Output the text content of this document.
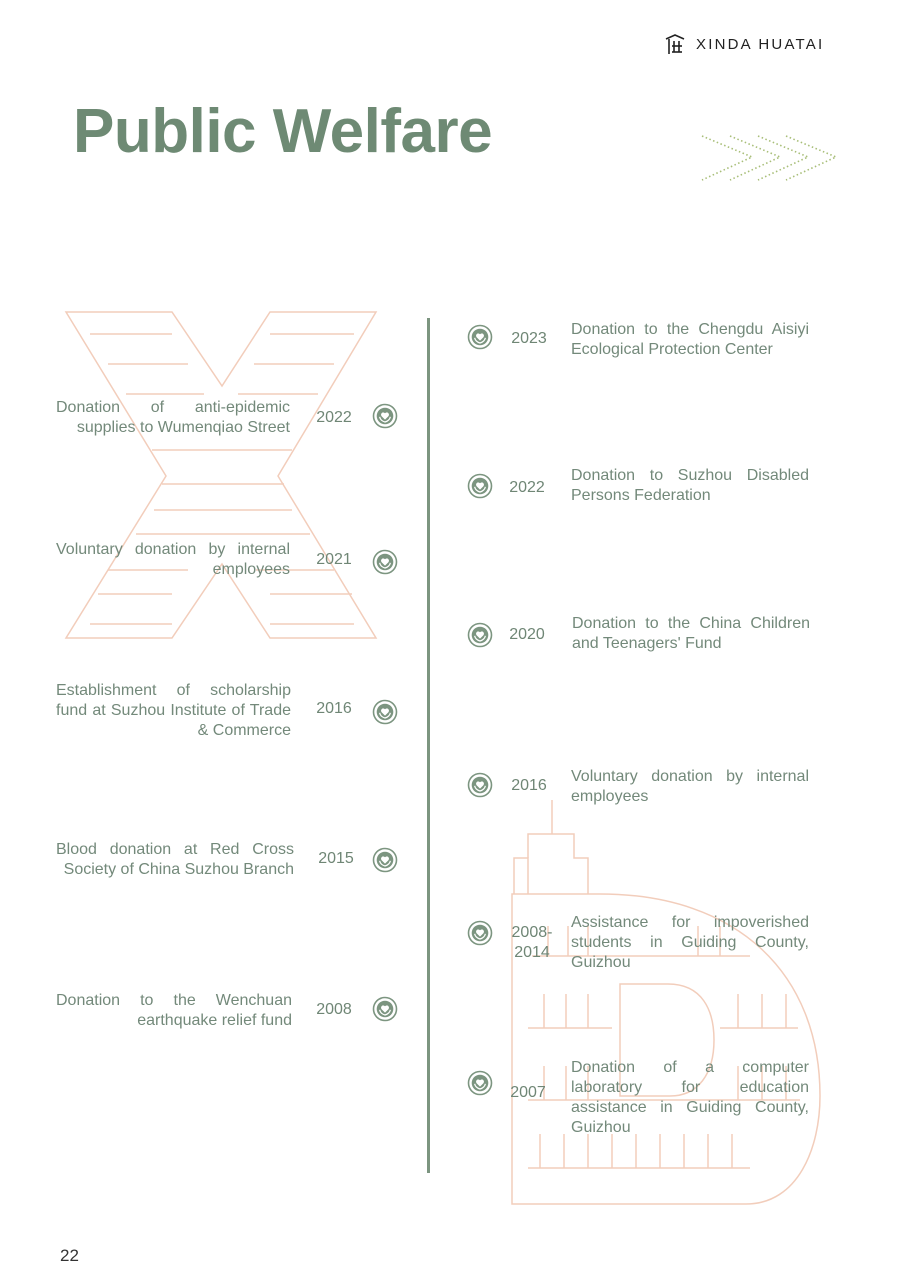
XINDA HUATAI
Public Welfare
Donation of anti-epidemic supplies to Wumenqiao Street
2022
Voluntary donation by internal employees
2021
Establishment of scholarship fund at Suzhou Institute of Trade & Commerce
2016
Blood donation at Red Cross Society of China Suzhou Branch
2015
Donation to the Wenchuan earthquake relief fund
2008
2023
Donation to the Chengdu Aisiyi Ecological Protection Center
2022
Donation to Suzhou Disabled Persons Federation
2020
Donation to the China Children and Teenagers' Fund
2016
Voluntary donation by internal employees
2008-2014
Assistance for impoverished students in Guiding County, Guizhou
2007
Donation of a computer laboratory for education assistance in Guiding County, Guizhou
22
